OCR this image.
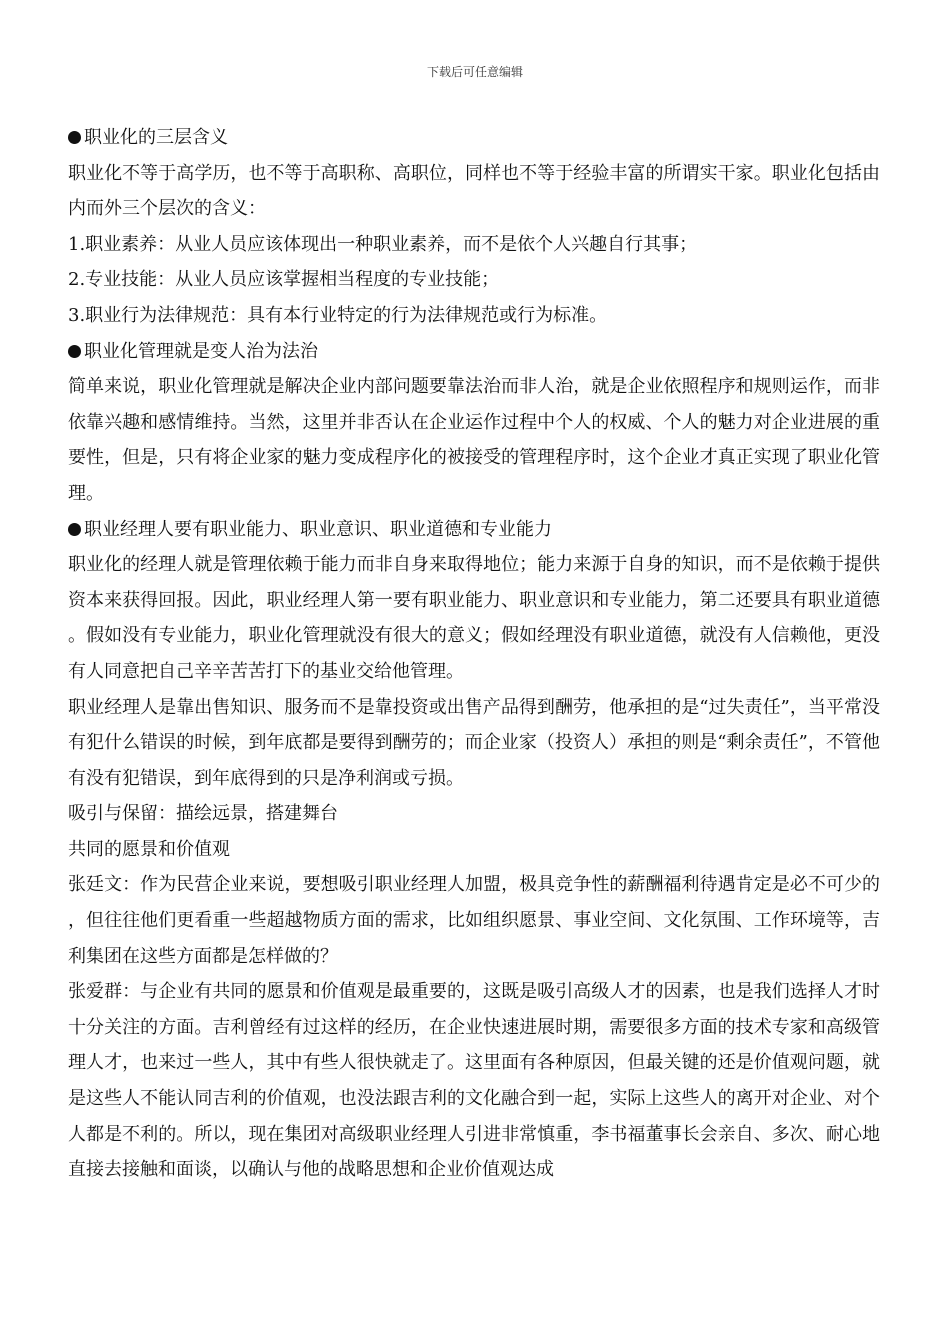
下载后可任意编辑

职业化的三层含义

职业化不等于高学历，也不等于高职称、高职位，同样也不等于经验丰富的所谓实干家。职业化包括由内而外三个层次的含义：

1.职业素养：从业人员应该体现出一种职业素养，而不是依个人兴趣自行其事；

2.专业技能：从业人员应该掌握相当程度的专业技能；

3.职业行为法律规范：具有本行业特定的行为法律规范或行为标准。

职业化管理就是变人治为法治

简单来说，职业化管理就是解决企业内部问题要靠法治而非人治，就是企业依照程序和规则运作，而非依靠兴趣和感情维持。当然，这里并非否认在企业运作过程中个人的权威、个人的魅力对企业进展的重要性，但是，只有将企业家的魅力变成程序化的被接受的管理程序时，这个企业才真正实现了职业化管理。

职业经理人要有职业能力、职业意识、职业道德和专业能力

职业化的经理人就是管理依赖于能力而非自身来取得地位；能力来源于自身的知识，而不是依赖于提供资本来获得回报。因此，职业经理人第一要有职业能力、职业意识和专业能力，第二还要具有职业道德。假如没有专业能力，职业化管理就没有很大的意义；假如经理没有职业道德，就没有人信赖他，更没有人同意把自己辛辛苦苦打下的基业交给他管理。

职业经理人是靠出售知识、服务而不是靠投资或出售产品得到酬劳，他承担的是“过失责任”，当平常没有犯什么错误的时候，到年底都是要得到酬劳的；而企业家（投资人）承担的则是“剩余责任”，不管他有没有犯错误，到年底得到的只是净利润或亏损。

吸引与保留：描绘远景，搭建舞台

共同的愿景和价值观

张廷文：作为民营企业来说，要想吸引职业经理人加盟，极具竞争性的薪酬福利待遇肯定是必不可少的，但往往他们更看重一些超越物质方面的需求，比如组织愿景、事业空间、文化氛围、工作环境等，吉利集团在这些方面都是怎样做的？

张爱群：与企业有共同的愿景和价值观是最重要的，这既是吸引高级人才的因素，也是我们选择人才时十分关注的方面。吉利曾经有过这样的经历，在企业快速进展时期，需要很多方面的技术专家和高级管理人才，也来过一些人，其中有些人很快就走了。这里面有各种原因，但最关键的还是价值观问题，就是这些人不能认同吉利的价值观，也没法跟吉利的文化融合到一起，实际上这些人的离开对企业、对个人都是不利的。所以，现在集团对高级职业经理人引进非常慎重，李书福董事长会亲自、多次、耐心地直接去接触和面谈，以确认与他的战略思想和企业价值观达成
